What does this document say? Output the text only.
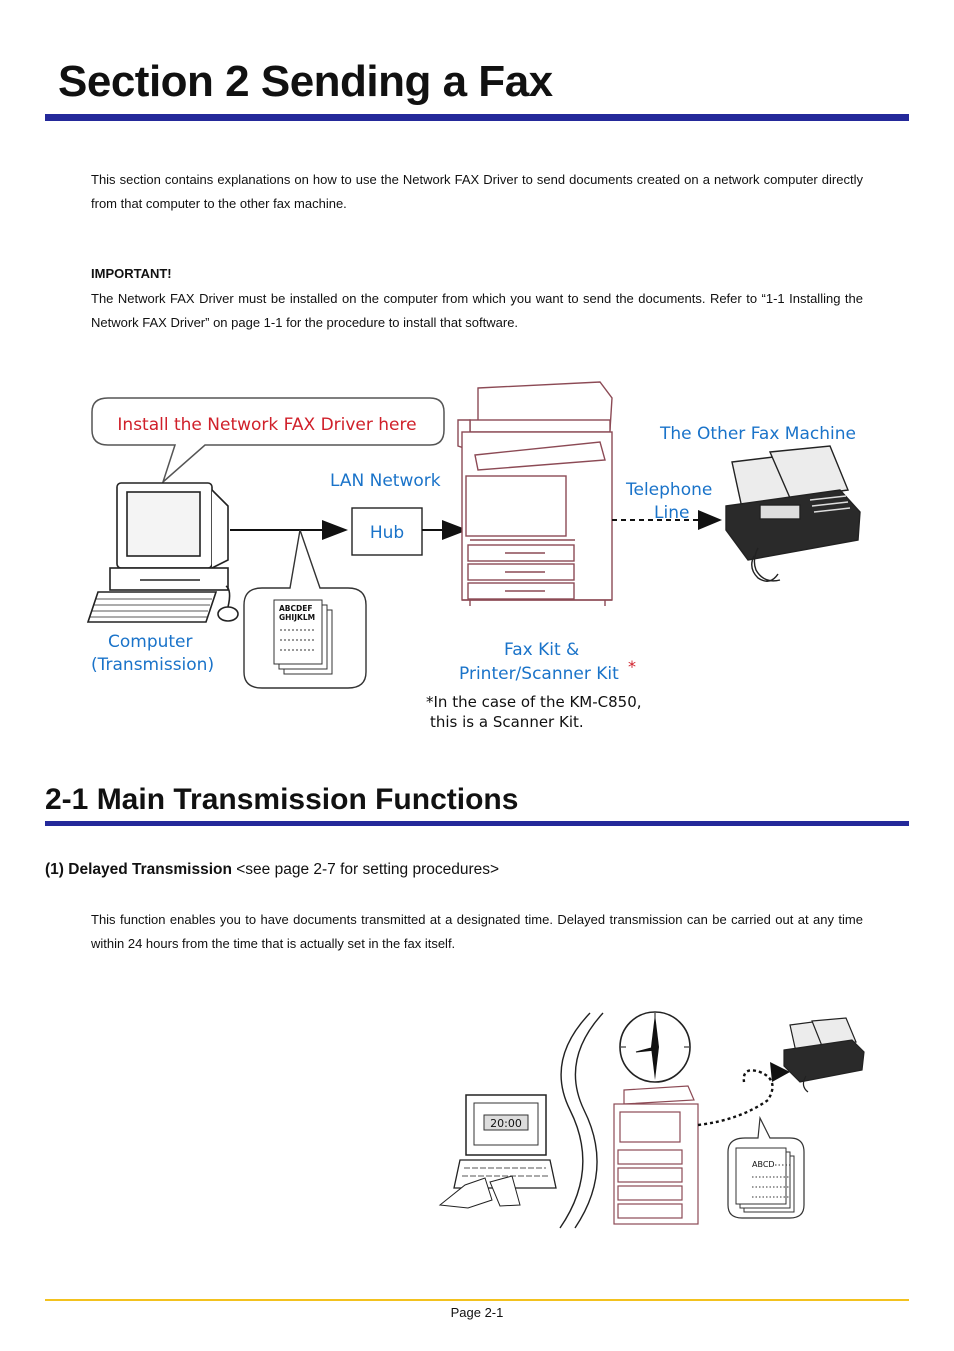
Section 2 Sending a Fax

This section contains explanations on how to use the Network FAX Driver to send documents created on a network computer directly from that computer to the other fax machine.

IMPORTANT!

The Network FAX Driver must be installed on the computer from which you want to send the documents. Refer to “1-1 Installing the Network FAX Driver” on page 1-1 for the procedure to install that software.

Install the Network FAX Driver here
LAN Network
Hub
ABCDEF
GHIJKLM
The Other Fax Machine
Telephone
Line
Computer
(Transmission)
Fax Kit &
Printer/Scanner Kit *
*In the case of the KM-C850,
this is a Scanner Kit.
2-1 Main Transmission Functions
(1) Delayed Transmission <see page 2-7 for setting procedures>

This function enables you to have documents transmitted at a designated time. Delayed transmission can be carried out at any time within 24 hours from the time that is actually set in the fax itself.

20:00
ABCD
Page 2-1
